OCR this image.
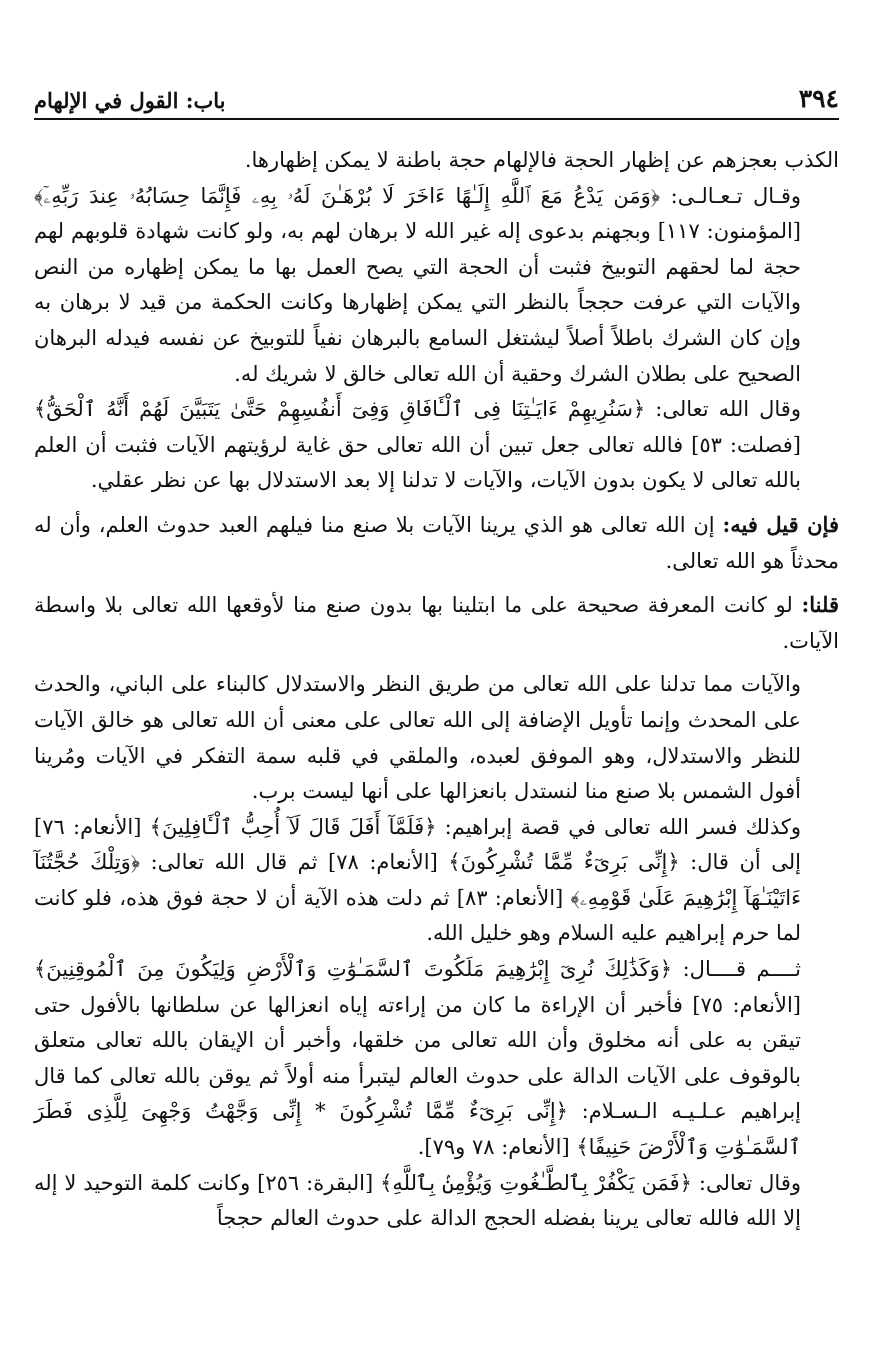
٣٩٤
باب: القول في الإلهام

الكذب بعجزهم عن إظهار الحجة فالإلهام حجة باطنة لا يمكن إظهارها.

وقـال تـعـالـى: ﴿وَمَن يَدْعُ مَعَ ٱللَّهِ إِلَـٰهًا ءَاخَرَ لَا بُرْهَـٰنَ لَهُۥ بِهِۦ فَإِنَّمَا حِسَابُهُۥ عِندَ رَبِّهِۦٓ﴾ [المؤمنون: ١١٧] وبجهنم بدعوى إله غير الله لا برهان لهم به، ولو كانت شهادة قلوبهم لهم حجة لما لحقهم التوبيخ فثبت أن الحجة التي يصح العمل بها ما يمكن إظهاره من النص والآيات التي عرفت حججاً بالنظر التي يمكن إظهارها وكانت الحكمة من قيد لا برهان به وإن كان الشرك باطلاً أصلاً ليشتغل السامع بالبرهان نفياً للتوبيخ عن نفسه فيدله البرهان الصحيح على بطلان الشرك وحقية أن الله تعالى خالق لا شريك له.

وقال الله تعالى: ﴿سَنُرِيهِمْ ءَايَـٰتِنَا فِى ٱلْـَٔافَاقِ وَفِىٓ أَنفُسِهِمْ حَتَّىٰ يَتَبَيَّنَ لَهُمْ أَنَّهُ ٱلْحَقُّ﴾ [فصلت: ٥٣] فالله تعالى جعل تبين أن الله تعالى حق غاية لرؤيتهم الآيات فثبت أن العلم بالله تعالى لا يكون بدون الآيات، والآيات لا تدلنا إلا بعد الاستدلال بها عن نظر عقلي.

فإن قيل فيه: إن الله تعالى هو الذي يرينا الآيات بلا صنع منا فيلهم العبد حدوث العلم، وأن له محدثاً هو الله تعالى.

قلنا: لو كانت المعرفة صحيحة على ما ابتلينا بها بدون صنع منا لأوقعها الله تعالى بلا واسطة الآيات.

والآيات مما تدلنا على الله تعالى من طريق النظر والاستدلال كالبناء على الباني، والحدث على المحدث وإنما تأويل الإضافة إلى الله تعالى على معنى أن الله تعالى هو خالق الآيات للنظر والاستدلال، وهو الموفق لعبده، والملقي في قلبه سمة التفكر في الآيات ومُرينا أفول الشمس بلا صنع منا لنستدل بانعزالها على أنها ليست برب.

وكذلك فسر الله تعالى في قصة إبراهيم: ﴿فَلَمَّآ أَفَلَ قَالَ لَآ أُحِبُّ ٱلْـَٔافِلِينَ﴾ [الأنعام: ٧٦] إلى أن قال: ﴿إِنِّى بَرِىٓءٌ مِّمَّا تُشْرِكُونَ﴾ [الأنعام: ٧٨] ثم قال الله تعالى: ﴿وَتِلْكَ حُجَّتُنَآ ءَاتَيْنَـٰهَآ إِبْرَٰهِيمَ عَلَىٰ قَوْمِهِۦ﴾ [الأنعام: ٨٣] ثم دلت هذه الآية أن لا حجة فوق هذه، فلو كانت لما حرم إبراهيم عليه السلام وهو خليل الله.

ثــــم قــــال: ﴿وَكَذَٰلِكَ نُرِىٓ إِبْرَٰهِيمَ مَلَكُوتَ ٱلسَّمَـٰوَٰتِ وَٱلْأَرْضِ وَلِيَكُونَ مِنَ ٱلْمُوقِنِينَ﴾ [الأنعام: ٧٥] فأخبر أن الإراءة ما كان من إراءته إياه انعزالها عن سلطانها بالأفول حتى تيقن به على أنه مخلوق وأن الله تعالى من خلقها، وأخبر أن الإيقان بالله تعالى متعلق بالوقوف على الآيات الدالة على حدوث العالم ليتبرأ منه أولاً ثم يوقن بالله تعالى كما قال إبراهيم عـلـيـه الـسـلام: ﴿إِنِّى بَرِىٓءٌ مِّمَّا تُشْرِكُونَ * إِنِّى وَجَّهْتُ وَجْهِىَ لِلَّذِى فَطَرَ ٱلسَّمَـٰوَٰتِ وَٱلْأَرْضَ حَنِيفًا﴾ [الأنعام: ٧٨ و٧٩].

وقال تعالى: ﴿فَمَن يَكْفُرْ بِٱلطَّـٰغُوتِ وَيُؤْمِنۢ بِٱللَّهِ﴾ [البقرة: ٢٥٦] وكانت كلمة التوحيد لا إله إلا الله فالله تعالى يرينا بفضله الحجج الدالة على حدوث العالم حججاً
